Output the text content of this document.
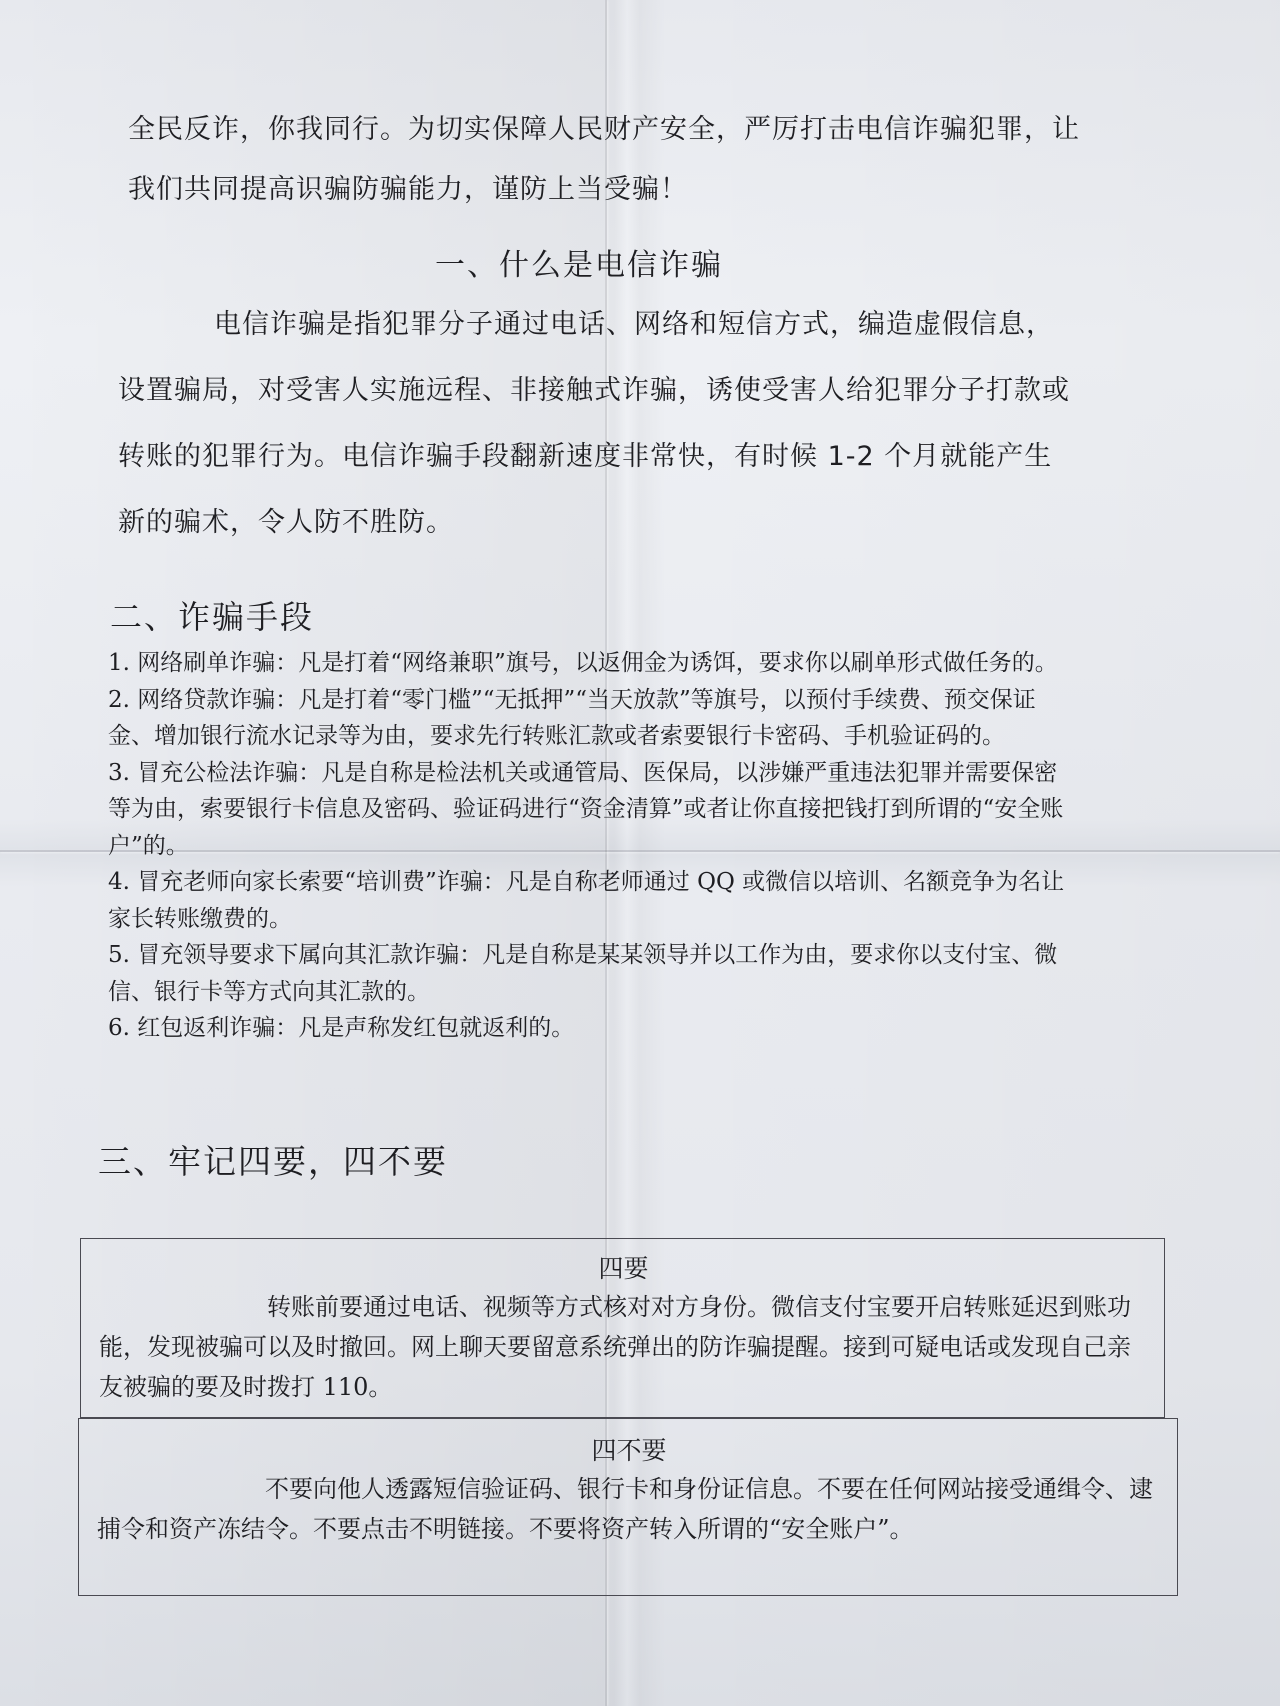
全民反诈，你我同行。为切实保障人民财产安全，严厉打击电信诈骗犯罪，让我们共同提高识骗防骗能力，谨防上当受骗！
一、什么是电信诈骗
电信诈骗是指犯罪分子通过电话、网络和短信方式，编造虚假信息，设置骗局，对受害人实施远程、非接触式诈骗，诱使受害人给犯罪分子打款或转账的犯罪行为。电信诈骗手段翻新速度非常快，有时候 1-2 个月就能产生新的骗术，令人防不胜防。
二、诈骗手段

1. 网络刷单诈骗：凡是打着“网络兼职”旗号，以返佣金为诱饵，要求你以刷单形式做任务的。

2. 网络贷款诈骗：凡是打着“零门槛”“无抵押”“当天放款”等旗号，以预付手续费、预交保证金、增加银行流水记录等为由，要求先行转账汇款或者索要银行卡密码、手机验证码的。

3. 冒充公检法诈骗：凡是自称是检法机关或通管局、医保局，以涉嫌严重违法犯罪并需要保密等为由，索要银行卡信息及密码、验证码进行“资金清算”或者让你直接把钱打到所谓的“安全账户”的。

4. 冒充老师向家长索要“培训费”诈骗：凡是自称老师通过 QQ 或微信以培训、名额竞争为名让家长转账缴费的。

5. 冒充领导要求下属向其汇款诈骗：凡是自称是某某领导并以工作为由，要求你以支付宝、微信、银行卡等方式向其汇款的。

6. 红包返利诈骗：凡是声称发红包就返利的。

三、牢记四要，四不要
四要
转账前要通过电话、视频等方式核对对方身份。微信支付宝要开启转账延迟到账功能，发现被骗可以及时撤回。网上聊天要留意系统弹出的防诈骗提醒。接到可疑电话或发现自己亲友被骗的要及时拨打 110。
四不要
不要向他人透露短信验证码、银行卡和身份证信息。不要在任何网站接受通缉令、逮捕令和资产冻结令。不要点击不明链接。不要将资产转入所谓的“安全账户”。
